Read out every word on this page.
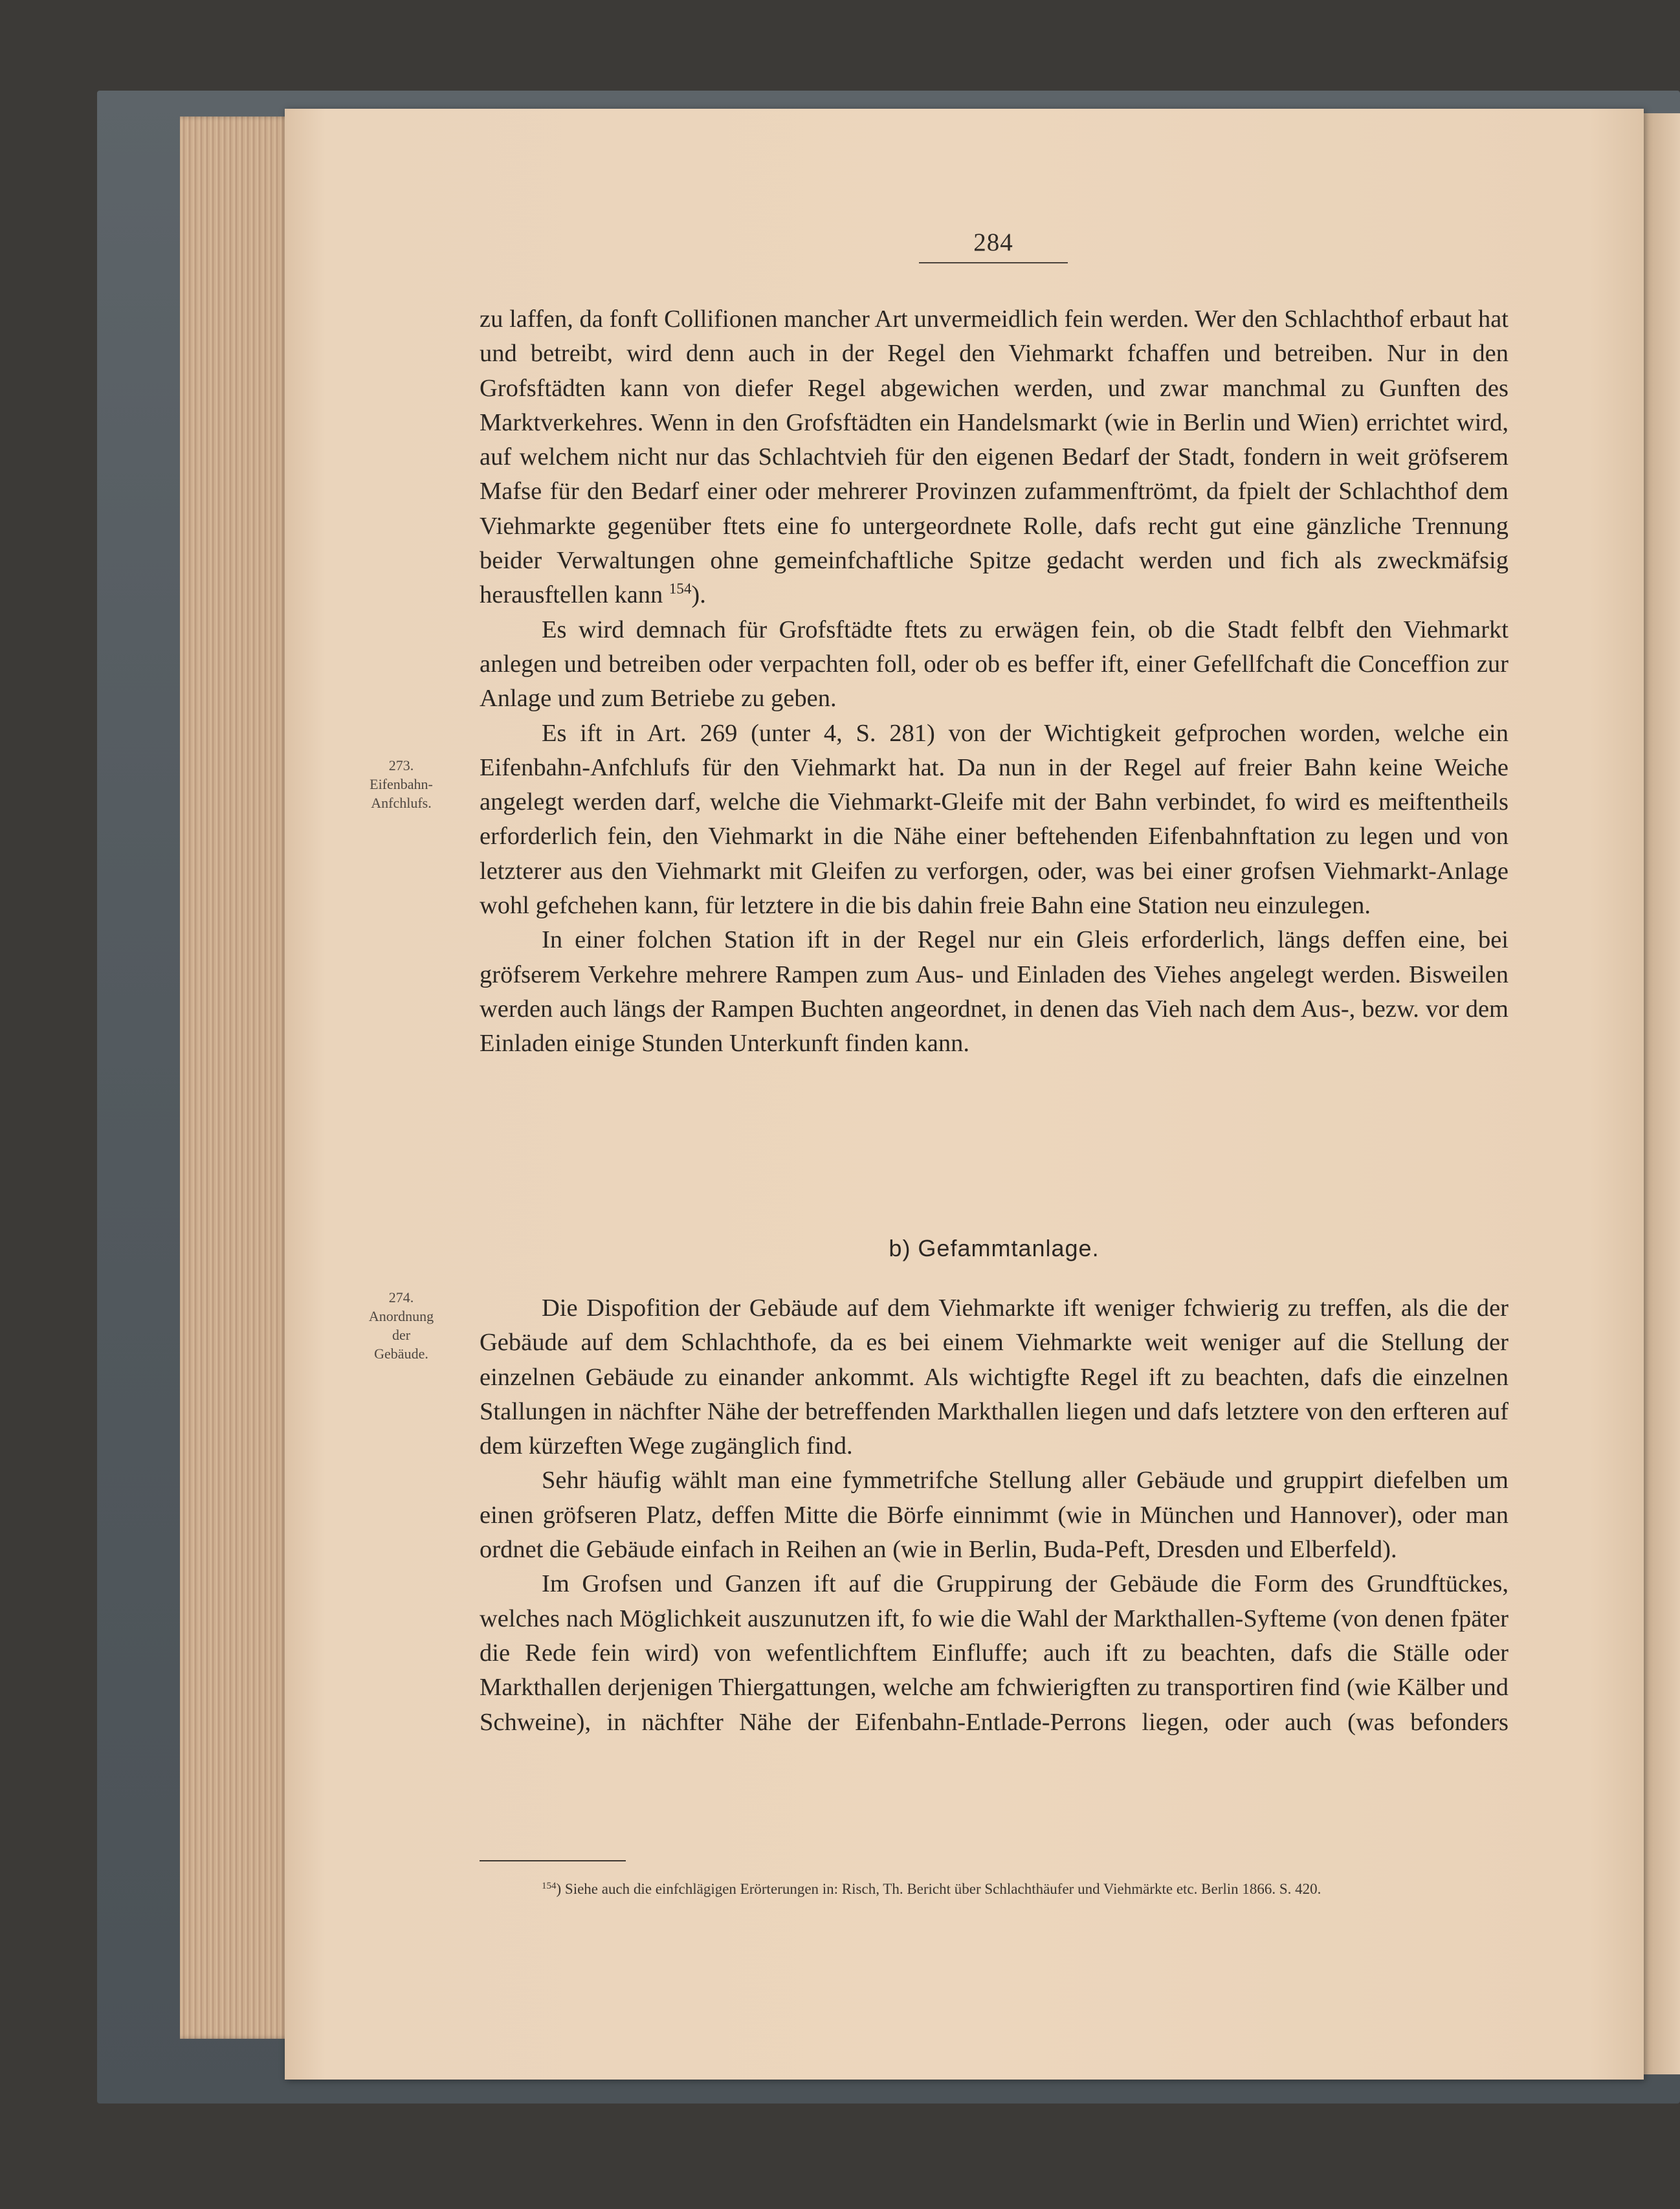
284
273.
Eifenbahn-
Anfchlufs.
274.
Anordnung
der
Gebäude.

zu laffen, da fonft Collifionen mancher Art unvermeidlich fein werden. Wer den Schlachthof erbaut hat und betreibt, wird denn auch in der Regel den Viehmarkt fchaffen und betreiben. Nur in den Grofsftädten kann von diefer Regel abgewichen werden, und zwar manchmal zu Gunften des Marktverkehres. Wenn in den Grofsftädten ein Handelsmarkt (wie in Berlin und Wien) errichtet wird, auf welchem nicht nur das Schlachtvieh für den eigenen Bedarf der Stadt, fondern in weit gröfserem Mafse für den Bedarf einer oder mehrerer Provinzen zufammenftrömt, da fpielt der Schlachthof dem Viehmarkte gegenüber ftets eine fo untergeordnete Rolle, dafs recht gut eine gänzliche Trennung beider Verwaltungen ohne gemeinfchaftliche Spitze gedacht werden und fich als zweckmäfsig herausftellen kann $^{154}$).

Es wird demnach für Grofsftädte ftets zu erwägen fein, ob die Stadt felbft den Viehmarkt anlegen und betreiben oder verpachten foll, oder ob es beffer ift, einer Gefellfchaft die Conceffion zur Anlage und zum Betriebe zu geben.

Es ift in Art. 269 (unter 4, S. 281) von der Wichtigkeit gefprochen worden, welche ein Eifenbahn-Anfchlufs für den Viehmarkt hat. Da nun in der Regel auf freier Bahn keine Weiche angelegt werden darf, welche die Viehmarkt-Gleife mit der Bahn verbindet, fo wird es meiftentheils erforderlich fein, den Viehmarkt in die Nähe einer beftehenden Eifenbahnftation zu legen und von letzterer aus den Viehmarkt mit Gleifen zu verforgen, oder, was bei einer grofsen Viehmarkt-Anlage wohl gefchehen kann, für letztere in die bis dahin freie Bahn eine Station neu einzulegen.

In einer folchen Station ift in der Regel nur ein Gleis erforderlich, längs deffen eine, bei gröfserem Verkehre mehrere Rampen zum Aus- und Einladen des Viehes angelegt werden. Bisweilen werden auch längs der Rampen Buchten angeordnet, in denen das Vieh nach dem Aus-, bezw. vor dem Einladen einige Stunden Unterkunft finden kann.

b) Gefammtanlage.

Die Dispofition der Gebäude auf dem Viehmarkte ift weniger fchwierig zu treffen, als die der Gebäude auf dem Schlachthofe, da es bei einem Viehmarkte weit weniger auf die Stellung der einzelnen Gebäude zu einander ankommt. Als wichtigfte Regel ift zu beachten, dafs die einzelnen Stallungen in nächfter Nähe der betreffenden Markthallen liegen und dafs letztere von den erfteren auf dem kürzeften Wege zugänglich find.

Sehr häufig wählt man eine fymmetrifche Stellung aller Gebäude und gruppirt diefelben um einen gröfseren Platz, deffen Mitte die Börfe einnimmt (wie in München und Hannover), oder man ordnet die Gebäude einfach in Reihen an (wie in Berlin, Buda-Peft, Dresden und Elberfeld).

Im Grofsen und Ganzen ift auf die Gruppirung der Gebäude die Form des Grundftückes, welches nach Möglichkeit auszunutzen ift, fo wie die Wahl der Markthallen-Syfteme (von denen fpäter die Rede fein wird) von wefentlichftem Einfluffe; auch ift zu beachten, dafs die Ställe oder Markthallen derjenigen Thiergattungen, welche am fchwierigften zu transportiren find (wie Kälber und Schweine), in nächfter Nähe der Eifenbahn-Entlade-Perrons liegen, oder auch (was befonders

$^{154}$) Siehe auch die einfchlägigen Erörterungen in: Risch, Th. Bericht über Schlachthäufer und Viehmärkte etc. Berlin 1866. S. 420.
